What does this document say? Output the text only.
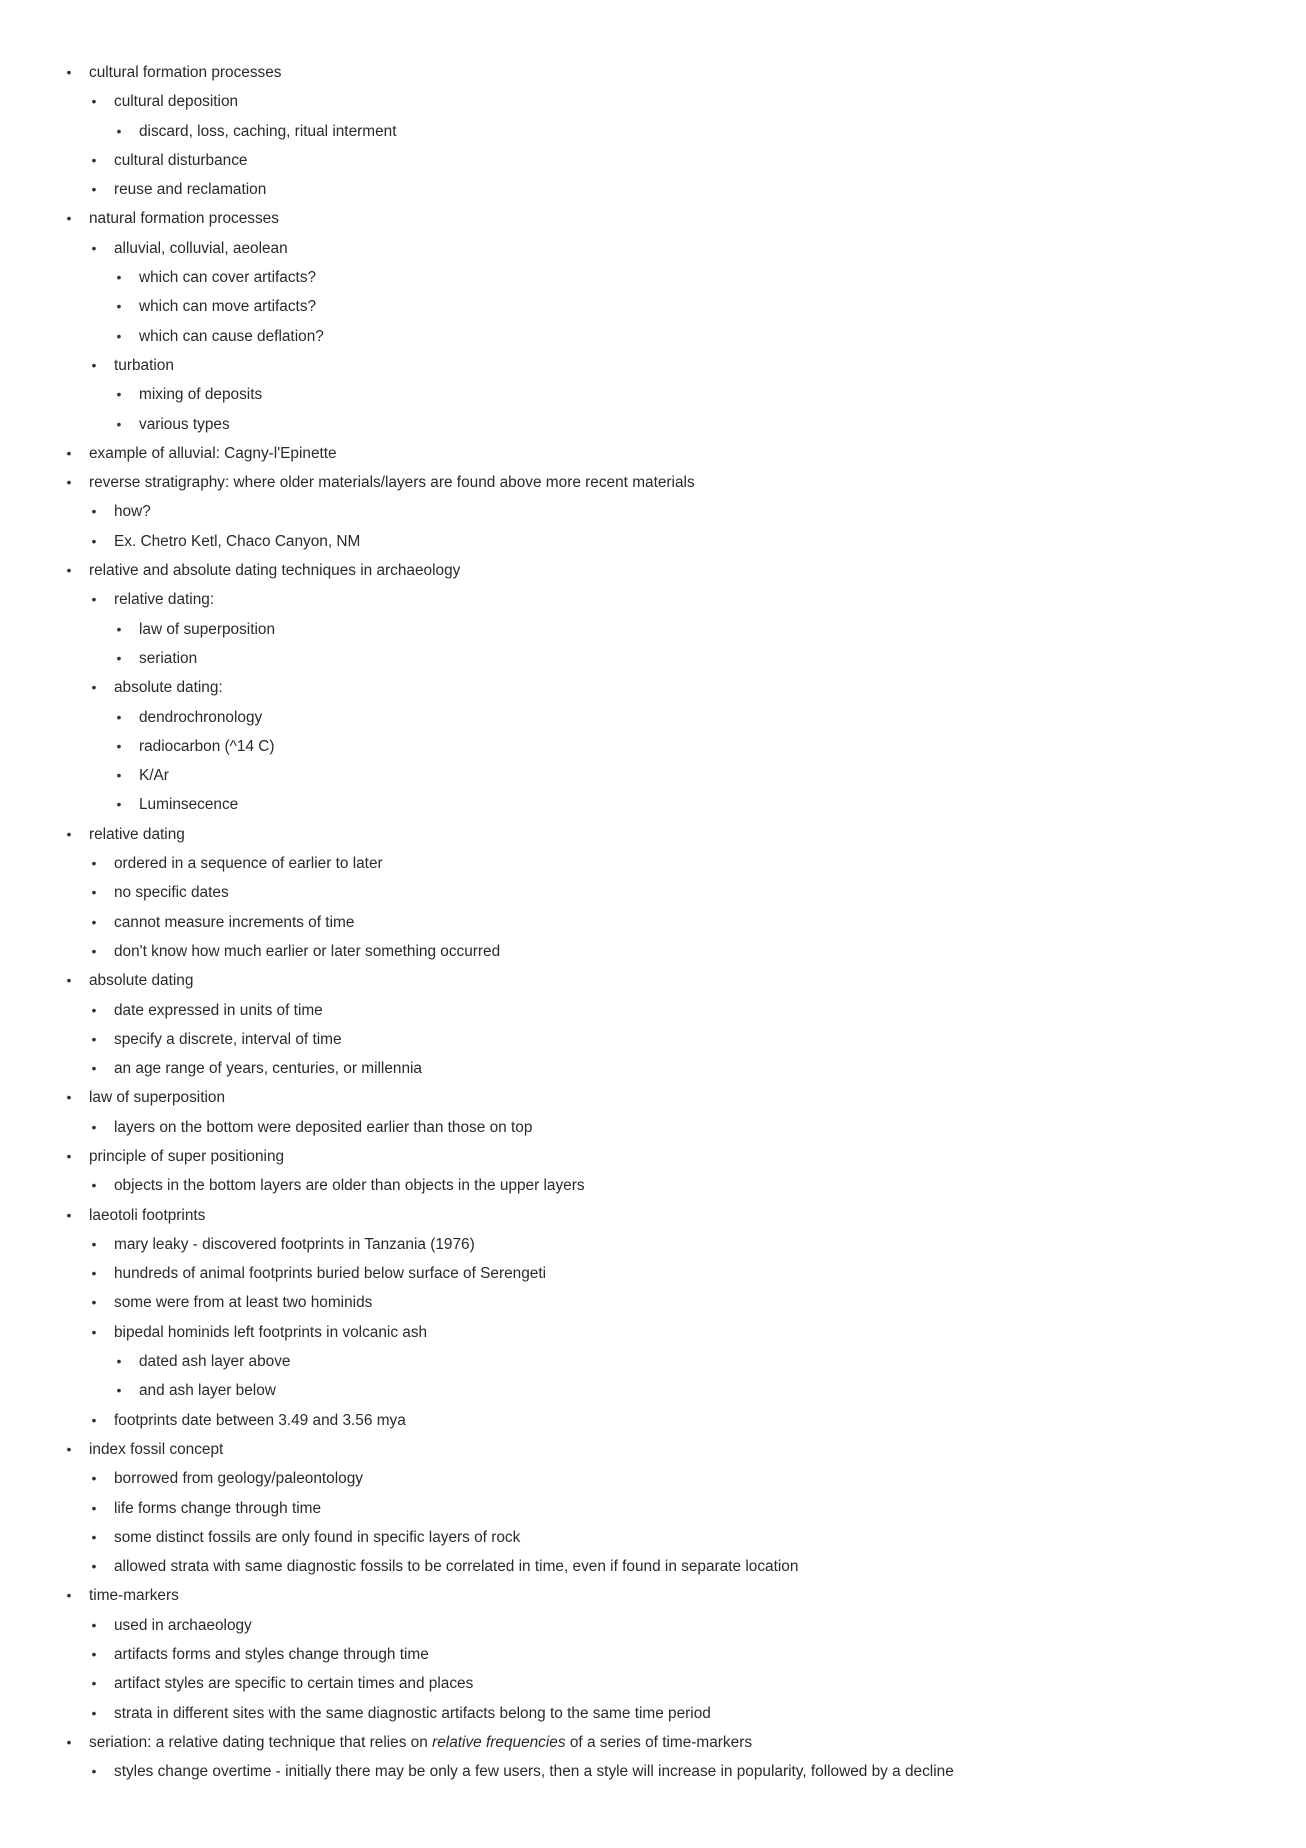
• cultural formation processes
• cultural deposition
• discard, loss, caching, ritual interment
• cultural disturbance
• reuse and reclamation
• natural formation processes
• alluvial, colluvial, aeolean
• which can cover artifacts?
• which can move artifacts?
• which can cause deflation?
• turbation
• mixing of deposits
• various types
• example of alluvial: Cagny-l'Epinette
• reverse stratigraphy: where older materials/layers are found above more recent materials
• how?
• Ex. Chetro Ketl, Chaco Canyon, NM
• relative and absolute dating techniques in archaeology
• relative dating:
• law of superposition
• seriation
• absolute dating:
• dendrochronology
• radiocarbon (^14 C)
• K/Ar
• Luminsecence
• relative dating
• ordered in a sequence of earlier to later
• no specific dates
• cannot measure increments of time
• don't know how much earlier or later something occurred
• absolute dating
• date expressed in units of time
• specify a discrete, interval of time
• an age range of years, centuries, or millennia
• law of superposition
• layers on the bottom were deposited earlier than those on top
• principle of super positioning
• objects in the bottom layers are older than objects in the upper layers
• laeotoli footprints
• mary leaky - discovered footprints in Tanzania (1976)
• hundreds of animal footprints buried below surface of Serengeti
• some were from at least two hominids
• bipedal hominids left footprints in volcanic ash
• dated ash layer above
• and ash layer below
• footprints date between 3.49 and 3.56 mya
• index fossil concept
• borrowed from geology/paleontology
• life forms change through time
• some distinct fossils are only found in specific layers of rock
• allowed strata with same diagnostic fossils to be correlated in time, even if found in separate location
• time-markers
• used in archaeology
• artifacts forms and styles change through time
• artifact styles are specific to certain times and places
• strata in different sites with the same diagnostic artifacts belong to the same time period
• seriation: a relative dating technique that relies on relative frequencies of a series of time-markers
• styles change overtime - initially there may be only a few users, then a style will increase in popularity, followed by a decline
